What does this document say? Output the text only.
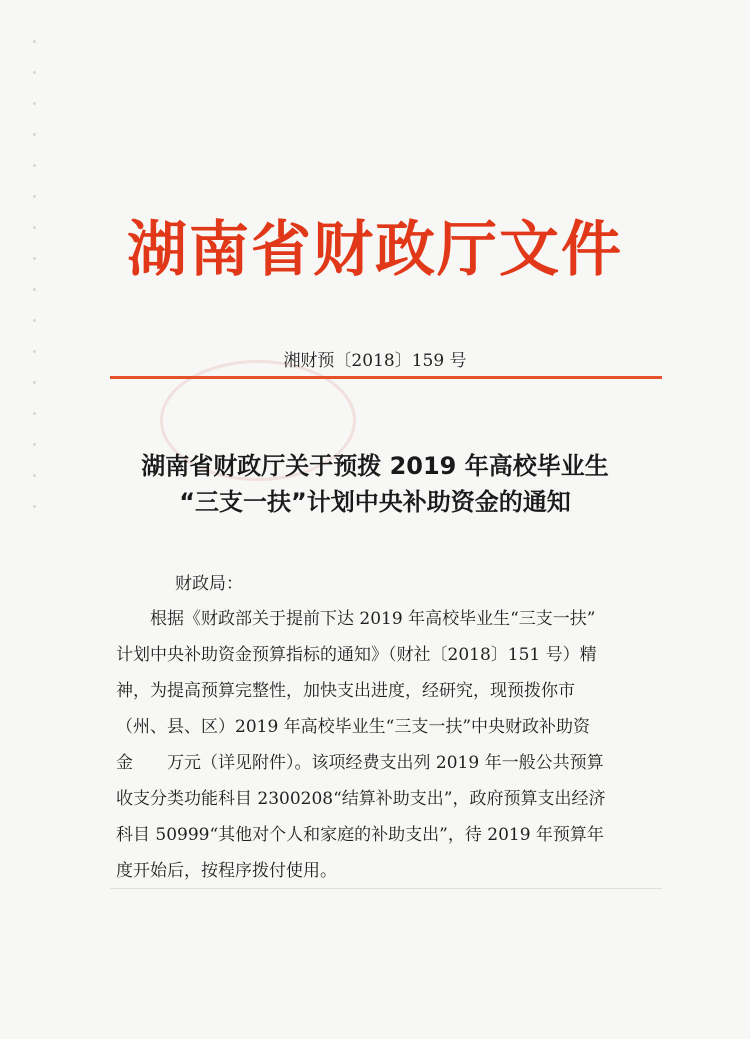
湖南省财政厅文件
湘财预〔2018〕159 号
湖南省财政厅关于预拨 2019 年高校毕业生
“三支一扶”计划中央补助资金的通知
财政局：
　　根据《财政部关于提前下达 2019 年高校毕业生“三支一扶”
计划中央补助资金预算指标的通知》（财社〔2018〕151 号）精
神，为提高预算完整性，加快支出进度，经研究，现预拨你市
（州、县、区）2019 年高校毕业生“三支一扶”中央财政补助资
金　　万元（详见附件）。该项经费支出列 2019 年一般公共预算
收支分类功能科目 2300208“结算补助支出”，政府预算支出经济
科目 50999“其他对个人和家庭的补助支出”，待 2019 年预算年
度开始后，按程序拨付使用。
